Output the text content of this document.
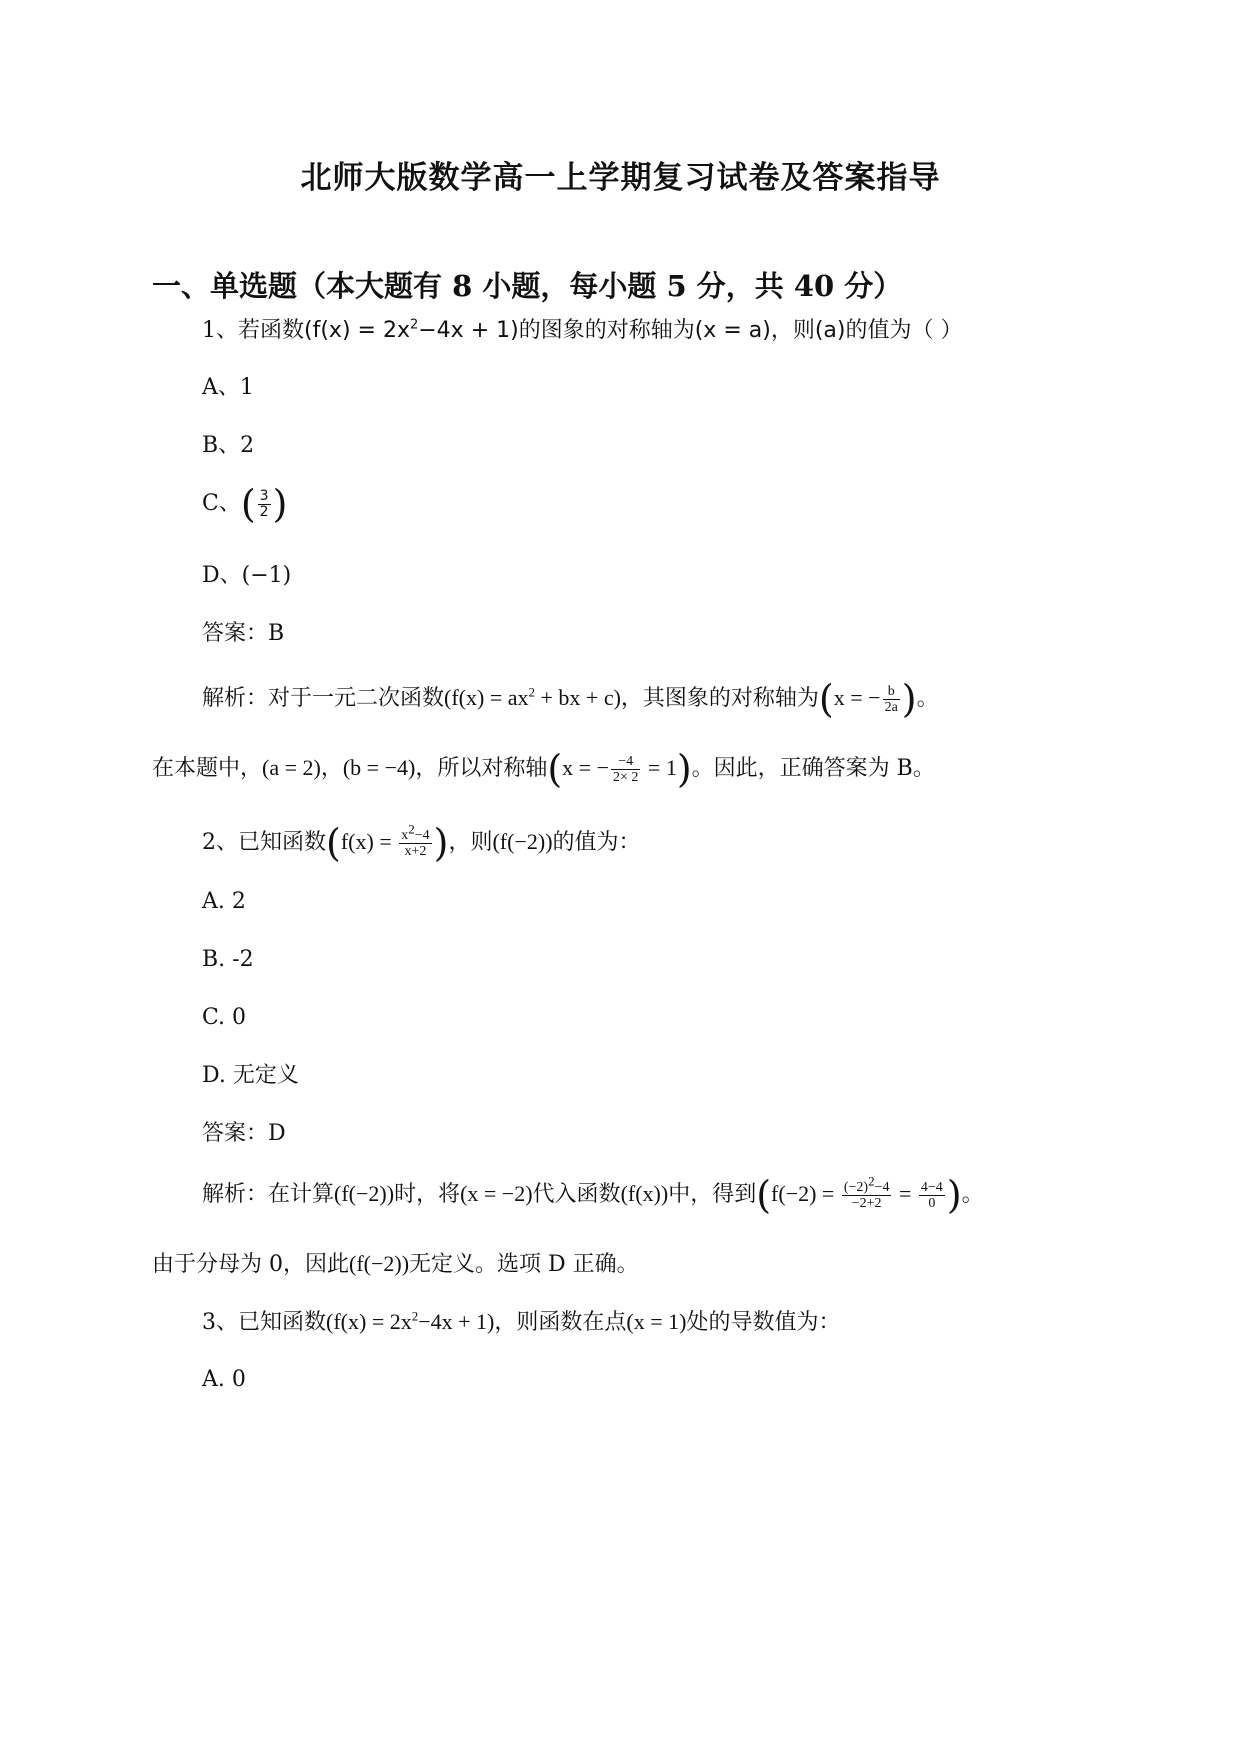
北师大版数学高一上学期复习试卷及答案指导
一、单选题（本大题有 8 小题，每小题 5 分，共 40 分）
1、若函数$(f(x) = 2x^2-4x + 1)$的图象的对称轴为(x = a)，则(a)的值为（ ）
A、1
B、2
C、( $\frac{3}{2}$ )
D、(−1)
答案：B
解析：对于一元二次函数($f(x) = ax^2$ + bx + c)，其图象的对称轴为(x = − $\frac{b}{2a}$ )。
在本题中，(a = 2)，(b = −4)，所以对称轴(x = − $\frac{-4}{2\times 2} = 1$)。因此，正确答案为 B。
2、已知函数($f(x) = \frac{x^2-4}{x+2}$ )，则(f(−2))的值为：
A. 2
B. -2
C. 0
D. 无定义
答案：D
解析：在计算(f(−2))时，将(x = −2)代入函数(f(x))中，得到($f(-2) = \frac{(-2)^2-4}{-2+2} = \frac{4-4}{0}$ )。
由于分母为 0，因此(f(−2))无定义。选项 D 正确。
3、已知函数$(f(x) = 2x^2-4x + 1)$，则函数在点(x = 1)处的导数值为：
A. 0
